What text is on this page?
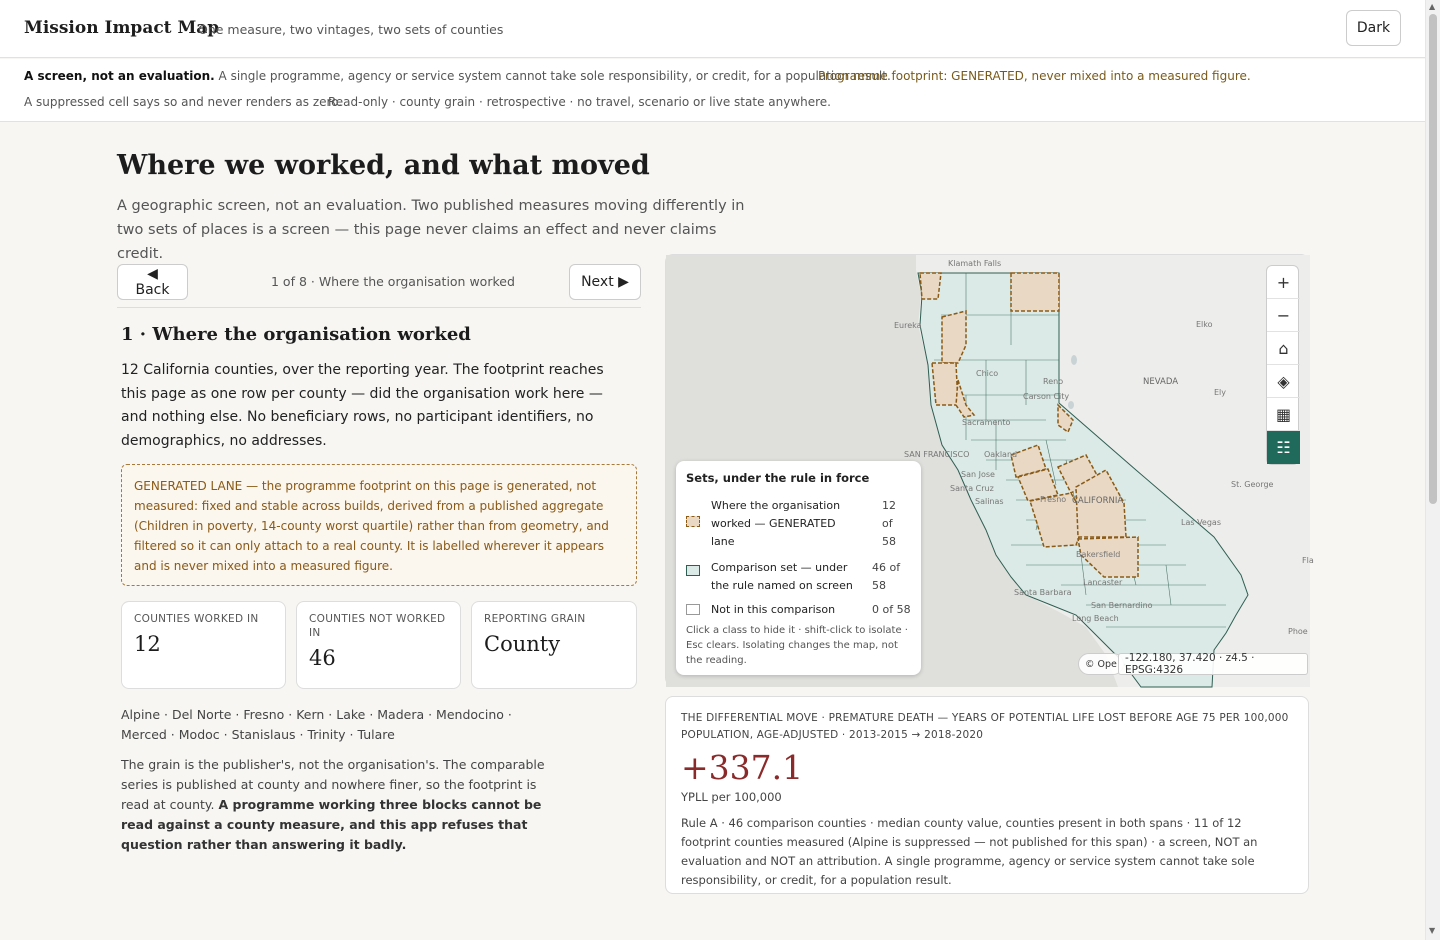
Mission Impact Map
One measure, two vintages, two sets of counties	Dark
A screen, not an evaluation. A single programme, agency or service system cannot take sole responsibility, or credit, for a population result.
Programme footprint: GENERATED, never mixed into a measured figure.
A suppressed cell says so and never renders as zero.
Read-only · county grain · retrospective · no travel, scenario or live state anywhere.
▲
▼
Where we worked, and what moved

A geographic screen, not an evaluation. Two published measures moving differently in two sets of places is a screen — this page never claims an effect and never claims credit.

◀ Back
1 of 8 · Where the organisation worked	Next ▶
1 · Where the organisation worked

12 California counties, over the reporting year. The footprint reaches this page as one row per county — did the organisation work here — and nothing else. No beneficiary rows, no participant identifiers, no demographics, no addresses.

GENERATED LANE — the programme footprint on this page is generated, not measured: fixed and stable across builds, derived from a published aggregate (Children in poverty, 14-county worst quartile) rather than from geometry, and filtered so it can only attach to a real county. It is labelled wherever it appears and is never mixed into a measured figure.
COUNTIES WORKED IN
12
COUNTIES NOT WORKED IN
46
REPORTING GRAIN
County

Alpine · Del Norte · Fresno · Kern · Lake · Madera · Mendocino · Merced · Modoc · Stanislaus · Trinity · Tulare

The grain is the publisher's, not the organisation's. The comparable series is published at county and nowhere finer, so the footprint is read at county. A programme working three blocks cannot be read against a county measure, and this app refuses that question rather than answering it badly.

Klamath Falls
Eureka	Elko
Chico
Reno
Carson City
NEVADA
Ely
Sacramento
SAN FRANCISCO Oakland
San Jose
Santa Cruz
Salinas	Fresno CALIFORNIA
St. George
Las Vegas
Bakersfield
Lancaster
Santa Barbara
San Bernardino
Long Beach
Fla
Phoe
+
−
⌂
◈
▦
☷
Sets, under the rule in force
Where the organisation worked — GENERATED lane
12 of 58
Comparison set — under the rule named on screen
46 of 58
Not in this comparison	0 of 58
Click a class to hide it · shift-click to isolate · Esc clears. Isolating changes the map, not the reading.	© Ope -122.180, 37.420 · z4.5 · EPSG:4326
THE DIFFERENTIAL MOVE · PREMATURE DEATH — YEARS OF POTENTIAL LIFE LOST BEFORE AGE 75 PER 100,000 POPULATION, AGE-ADJUSTED · 2013-2015 → 2018-2020
+337.1
YPLL per 100,000
Rule A · 46 comparison counties · median county value, counties present in both spans · 11 of 12 footprint counties measured (Alpine is suppressed — not published for this span) · a screen, NOT an evaluation and NOT an attribution. A single programme, agency or service system cannot take sole responsibility, or credit, for a population result.
